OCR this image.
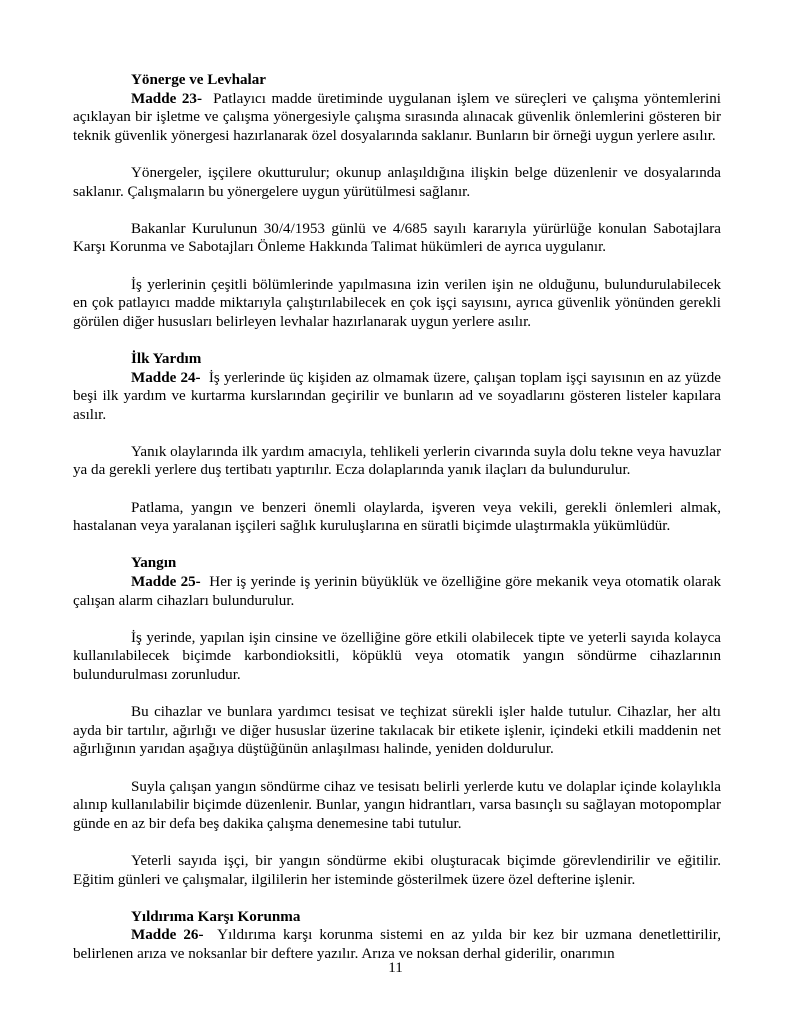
Yönerge ve Levhalar

Madde 23- Patlayıcı madde üretiminde uygulanan işlem ve süreçleri ve çalışma yöntemlerini açıklayan bir işletme ve çalışma yönergesiyle çalışma sırasında alınacak güvenlik önlemlerini gösteren bir teknik güvenlik yönergesi hazırlanarak özel dosyalarında saklanır. Bunların bir örneği uygun yerlere asılır.

Yönergeler, işçilere okutturulur; okunup anlaşıldığına ilişkin belge düzenlenir ve dosyalarında saklanır. Çalışmaların bu yönergelere uygun yürütülmesi sağlanır.

Bakanlar Kurulunun 30/4/1953 günlü ve 4/685 sayılı kararıyla yürürlüğe konulan Sabotajlara Karşı Korunma ve Sabotajları Önleme Hakkında Talimat hükümleri de ayrıca uygulanır.

İş yerlerinin çeşitli bölümlerinde yapılmasına izin verilen işin ne olduğunu, bulundurulabilecek en çok patlayıcı madde miktarıyla çalıştırılabilecek en çok işçi sayısını, ayrıca güvenlik yönünden gerekli görülen diğer hususları belirleyen levhalar hazırlanarak uygun yerlere asılır.

İlk Yardım

Madde 24- İş yerlerinde üç kişiden az olmamak üzere, çalışan toplam işçi sayısının en az yüzde beşi ilk yardım ve kurtarma kurslarından geçirilir ve bunların ad ve soyadlarını gösteren listeler kapılara asılır.

Yanık olaylarında ilk yardım amacıyla, tehlikeli yerlerin civarında suyla dolu tekne veya havuzlar ya da gerekli yerlere duş tertibatı yaptırılır. Ecza dolaplarında yanık ilaçları da bulundurulur.

Patlama, yangın ve benzeri önemli olaylarda, işveren veya vekili, gerekli önlemleri almak, hastalanan veya yaralanan işçileri sağlık kuruluşlarına en süratli biçimde ulaştırmakla yükümlüdür.

Yangın

Madde 25- Her iş yerinde iş yerinin büyüklük ve özelliğine göre mekanik veya otomatik olarak çalışan alarm cihazları bulundurulur.

İş yerinde, yapılan işin cinsine ve özelliğine göre etkili olabilecek tipte ve yeterli sayıda kolayca kullanılabilecek biçimde karbondioksitli, köpüklü veya otomatik yangın söndürme cihazlarının bulundurulması zorunludur.

Bu cihazlar ve bunlara yardımcı tesisat ve teçhizat sürekli işler halde tutulur. Cihazlar, her altı ayda bir tartılır, ağırlığı ve diğer hususlar üzerine takılacak bir etikete işlenir, içindeki etkili maddenin net ağırlığının yarıdan aşağıya düştüğünün anlaşılması halinde, yeniden doldurulur.

Suyla çalışan yangın söndürme cihaz ve tesisatı belirli yerlerde kutu ve dolaplar içinde kolaylıkla alınıp kullanılabilir biçimde düzenlenir. Bunlar, yangın hidrantları, varsa basınçlı su sağlayan motopomplar günde en az bir defa beş dakika çalışma denemesine tabi tutulur.

Yeterli sayıda işçi, bir yangın söndürme ekibi oluşturacak biçimde görevlendirilir ve eğitilir. Eğitim günleri ve çalışmalar, ilgililerin her isteminde gösterilmek üzere özel defterine işlenir.

Yıldırıma Karşı Korunma

Madde 26- Yıldırıma karşı korunma sistemi en az yılda bir kez bir uzmana denetlettirilir, belirlenen arıza ve noksanlar bir deftere yazılır. Arıza ve noksan derhal giderilir, onarımın

11
